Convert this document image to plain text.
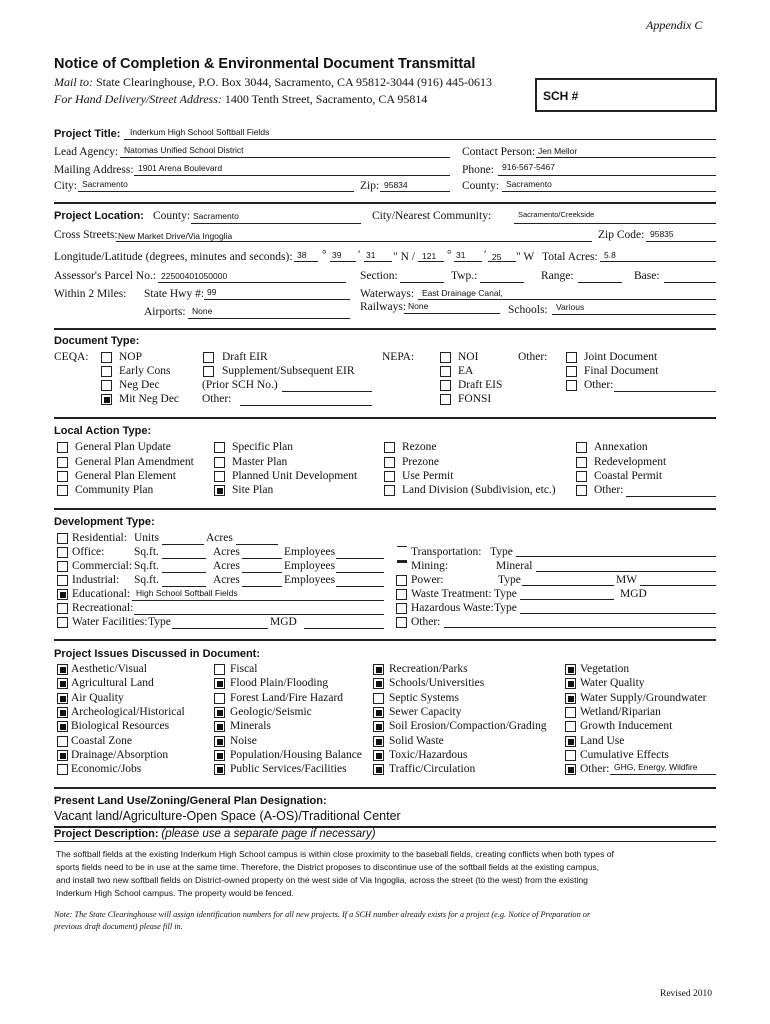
Appendix C
Notice of Completion & Environmental Document Transmittal
Mail to: State Clearinghouse, P.O. Box 3044, Sacramento, CA 95812-3044 (916) 445-0613
For Hand Delivery/Street Address: 1400 Tenth Street, Sacramento, CA 95814	SCH #
Project Title: Inderkum High School Softball Fields
Lead Agency: Natomas Unified School District	Contact Person: Jen Mellor
Mailing Address: 1901 Arena Boulevard	Phone: 916-567-5467
City: Sacramento	Zip: 95834	County: Sacramento
Project Location: County: Sacramento	City/Nearest Community:	Sacramento/Creekside
Cross Streets: New Market Drive/Via Ingoglia	Zip Code: 95835
Longitude/Latitude (degrees, minutes and seconds): 38 ° 39 ′ 31 " N / 121 ° 31 ′ 25 " W Total Acres: 5.8
Assessor's Parcel No.: 22500401050000	Section:	Twp.:	Range:	Base:
Within 2 Miles: State Hwy #: 99	Waterways: East Drainage Canal,
Airports: None	Railways: None	Schools: Various
Document Type:
CEQA:	NOP
Early Cons
Neg Dec
Mit Neg Dec
Draft EIR
Supplement/Subsequent EIR
(Prior SCH No.)
Other:
NEPA:	NOI
EA
Draft EIS
FONSI
Other:	Joint Document
Final Document
Other:
Local Action Type:
General Plan Update
General Plan Amendment
General Plan Element
Community Plan
Specific Plan
Master Plan
Planned Unit Development
Site Plan
Rezone
Prezone
Use Permit
Land Division (Subdivision, etc.)
Annexation
Redevelopment
Coastal Permit
Other:
Development Type:
Residential: Units	Acres
Office:	Sq.ft.	Acres	Employees
Commercial: Sq.ft.	Acres	Employees
Industrial: Sq.ft.	Acres	Employees
Educational: High School Softball Fields
Recreational:
Water Facilities: Type	MGD
Transportation: Type
Mining:	Mineral
Power:	Type	MW
Waste Treatment: Type	MGD
Hazardous Waste: Type
Other:
Project Issues Discussed in Document:
Aesthetic/Visual
Agricultural Land
Air Quality
Archeological/Historical
Biological Resources
Coastal Zone
Drainage/Absorption
Economic/Jobs
Fiscal
Flood Plain/Flooding
Forest Land/Fire Hazard
Geologic/Seismic
Minerals
Noise
Population/Housing Balance
Public Services/Facilities
Recreation/Parks
Schools/Universities
Septic Systems
Sewer Capacity
Soil Erosion/Compaction/Grading
Solid Waste
Toxic/Hazardous
Traffic/Circulation
Vegetation
Water Quality
Water Supply/Groundwater
Wetland/Riparian
Growth Inducement
Land Use
Cumulative Effects
Other: GHG, Energy, Wildfire
Present Land Use/Zoning/General Plan Designation:
Vacant land/Agriculture-Open Space (A-OS)/Traditional Center
Project Description: (please use a separate page if necessary)
The softball fields at the existing Inderkum High School campus is within close proximity to the baseball fields, creating conflicts when both types of
sports fields need to be in use at the same time. Therefore, the District proposes to discontinue use of the softball fields at the existing campus,
and install two new softball fields on District-owned property on the west side of Via Ingoglia, across the street (to the west) from the existing
Inderkum High School campus. The property would be fenced.
Note: The State Clearinghouse will assign identification numbers for all new projects. If a SCH number already exists for a project (e.g. Notice of Preparation or
previous draft document) please fill in.
Revised 2010
